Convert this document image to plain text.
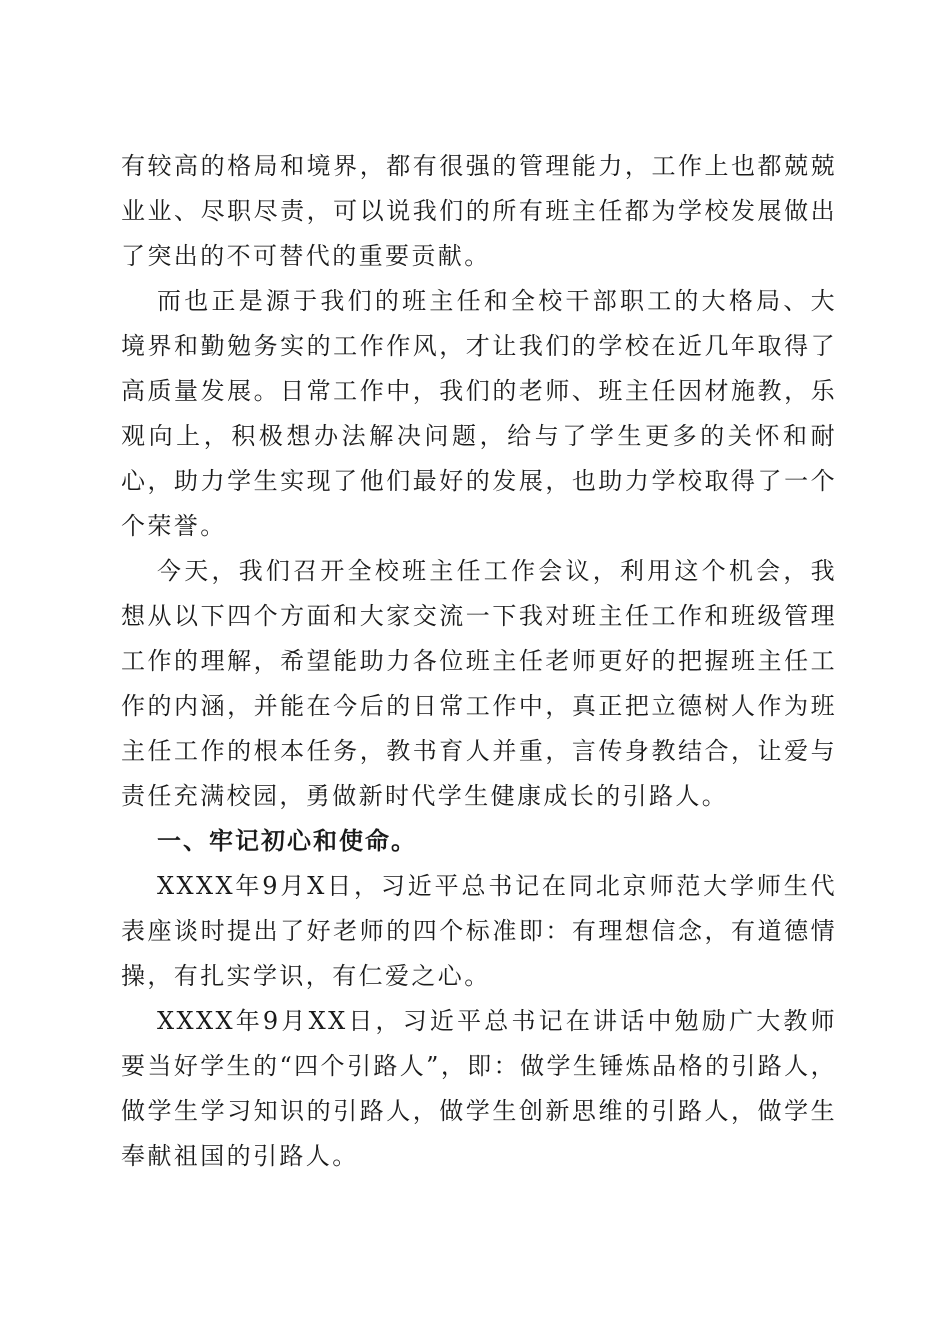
有较高的格局和境界，都有很强的管理能力，工作上也都兢兢业业、尽职尽责，可以说我们的所有班主任都为学校发展做出了突出的不可替代的重要贡献。

而也正是源于我们的班主任和全校干部职工的大格局、大境界和勤勉务实的工作作风，才让我们的学校在近几年取得了高质量发展。日常工作中，我们的老师、班主任因材施教，乐观向上，积极想办法解决问题，给与了学生更多的关怀和耐心，助力学生实现了他们最好的发展，也助力学校取得了一个个荣誉。

今天，我们召开全校班主任工作会议，利用这个机会，我想从以下四个方面和大家交流一下我对班主任工作和班级管理工作的理解，希望能助力各位班主任老师更好的把握班主任工作的内涵，并能在今后的日常工作中，真正把立德树人作为班主任工作的根本任务，教书育人并重，言传身教结合，让爱与责任充满校园，勇做新时代学生健康成长的引路人。

一、牢记初心和使命。

XXXX年9月X日，习近平总书记在同北京师范大学师生代表座谈时提出了好老师的四个标准即：有理想信念，有道德情操，有扎实学识，有仁爱之心。

XXXX年9月XX日，习近平总书记在讲话中勉励广大教师要当好学生的“四个引路人”，即：做学生锤炼品格的引路人，做学生学习知识的引路人，做学生创新思维的引路人，做学生奉献祖国的引路人。
